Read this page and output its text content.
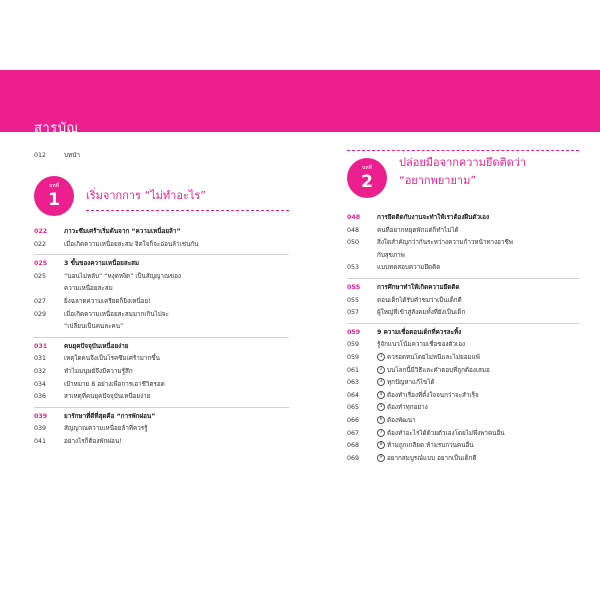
สารบัญ
012	บทนำ
บทที่
1	เริ่มจากการ “ไม่ทำอะไร”
022	ภาวะซึมเศร้าเริ่มต้นจาก “ความเหนื่อยล้า”
022	เมื่อเกิดความเหนื่อยสะสม จิตใจก็จะอ่อนล้าเช่นกัน
025	3 ขั้นของความเหนื่อยสะสม
025	“นอนไม่หลับ” “หงุดหงิด” เป็นสัญญาณของ
ความเหนื่อยสะสม
027	ยิ่งฉลาดความเครียดก็ยิ่งเหนื่อย!
029	เมื่อเกิดความเหนื่อยสะสมมากเกินไปจะ
“เปลี่ยนเป็นคนละคน”
031	คนยุคปัจจุบันเหนื่อยง่าย
031	เหตุใดคนจึงเป็นโรคซึมเศร้ามากขึ้น
032	ทำไมมนุษย์จึงมีความรู้สึก
034	เป้าหมาย 8 อย่างเพื่อการเอาชีวิตรอด
036	สาเหตุที่คนยุคปัจจุบันเหนื่อยง่าย
039	ยารักษาที่ดีที่สุดคือ “การพักผ่อน”
039	สัญญาณความเหนื่อยล้าที่ควรรู้
041	อย่างไรก็ต้องพักผ่อน!
บทที่
2
ปล่อยมือจากความยึดติดว่า
“อยากพยายาม”
048	การยึดติดกับงานจะทำให้เราต้องฝืนตัวเอง
048	คนที่อยากหยุดพักแต่ก็ทำไม่ได้
050	สิ่งใดสำคัญกว่ากันระหว่างความก้าวหน้าทางอาชีพ
กับสุขภาพ
053	แบบทดสอบความยึดติด
055	การศึกษาทำให้เกิดความยึดติด
055	ตอนเด็กได้รับคำชมว่าเป็นเด็กดี
057	ผู้ใหญ่ที่เข้าสู่สังคมทั้งที่ยังเป็นเด็ก
059	9 ความเชื่อตอนเด็กที่ควรละทิ้ง
059	รู้จักแนวโน้มความเชื่อของตัวเอง
059	1 ควรอดทนโดยไม่หนีและไม่ยอมแพ้
061	2 บนโลกนี้มีวิธีและคำตอบที่ถูกต้องเสมอ
063	3 ทุกปัญหาแก้ไขได้
064	4 ต้องทำเรื่องที่ตั้งใจจนกว่าจะสำเร็จ
065	5 ต้องทำทุกอย่าง
066	6 ต้องพัฒนา
067	7 ต้องทำอะไรได้ด้วยตัวเองโดยไม่พึ่งพาคนอื่น
068	8 ห้ามถูกเกลียด ห้ามรบกวนคนอื่น
069	9 อยากสมบูรณ์แบบ อยากเป็นเด็กดี
